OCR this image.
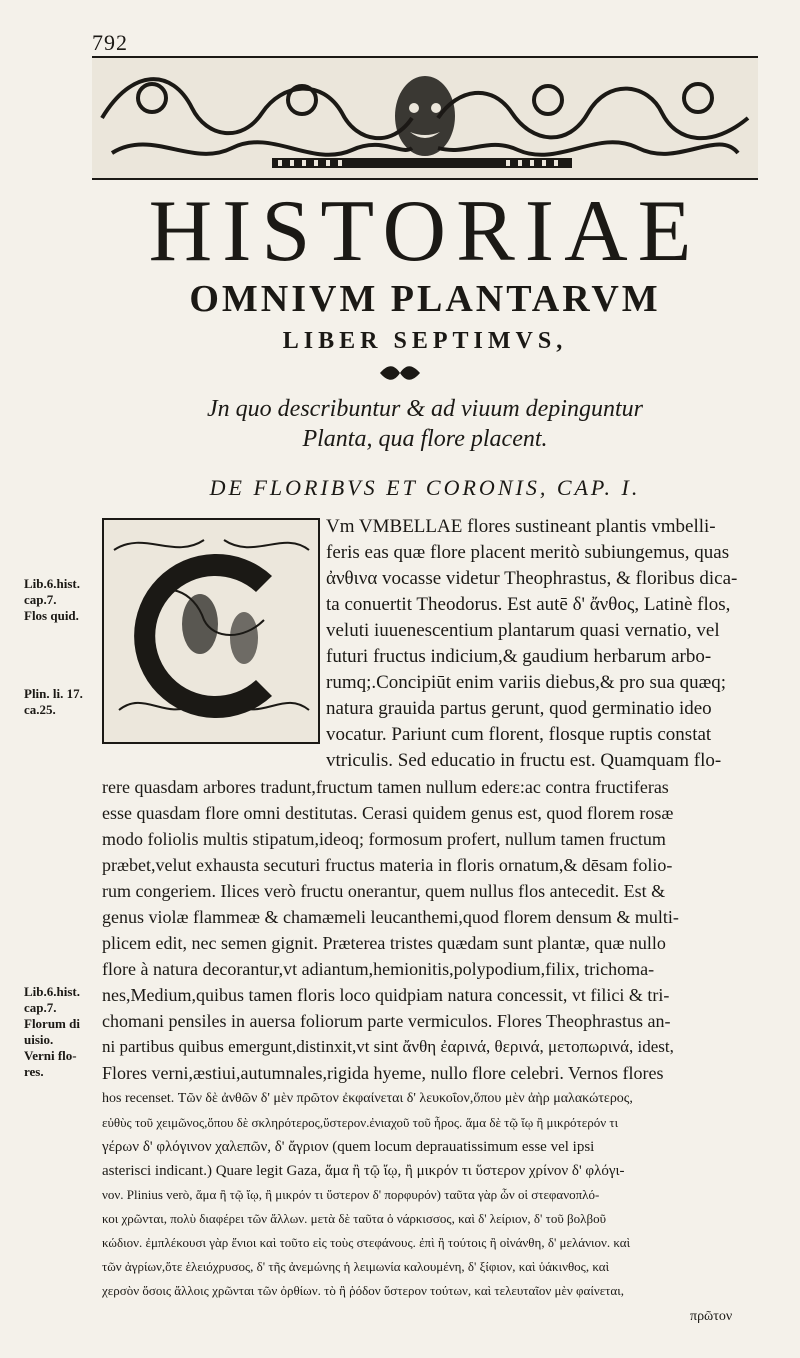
792
HISTORIAE
OMNIVM PLANTARVM
LIBER SEPTIMVS,
Jn quo describuntur & ad viuum depinguntur
Planta, qua flore placent.
DE FLORIBVS ET CORONIS, CAP. I.
Vm VMBELLAE flores sustineant plantis vmbelli-
feris eas quæ flore placent meritò subiungemus, quas
ἀνθινα vocasse videtur Theophrastus, & floribus dica-
ta conuertit Theodorus. Est autē δ' ἄνθος, Latinè flos,
veluti iuuenescentium plantarum quasi vernatio, vel
futuri fructus indicium,& gaudium herbarum arbo-
rumq;.Concipiūt enim variis diebus,& pro sua quæq;
natura grauida partus gerunt, quod germinatio ideo
vocatur. Pariunt cum florent, flosque ruptis constat
vtriculis. Sed educatio in fructu est. Quamquam flo-
rere quasdam arbores tradunt,fructum tamen nullum ederε:ac contra fructiferas
esse quasdam flore omni destitutas. Cerasi quidem genus est, quod florem rosæ
modo foliolis multis stipatum,ideoq; formosum profert, nullum tamen fructum
præbet,velut exhausta secuturi fructus materia in floris ornatum,& dēsam folio-
rum congeriem. Ilices verò fructu onerantur, quem nullus flos antecedit. Est &
genus violæ flammeæ & chamæmeli leucanthemi,quod florem densum & multi-
plicem edit, nec semen gignit. Præterea tristes quædam sunt plantæ, quæ nullo
flore à natura decorantur,vt adiantum,hemionitis,polypodium,filix, trichoma-
nes,Medium,quibus tamen floris loco quidpiam natura concessit, vt filici & tri-
chomani pensiles in auersa foliorum parte vermiculos. Flores Theophrastus an-
ni partibus quibus emergunt,distinxit,vt sint ἄνθη ἐαρινά, θερινά, μετοπωρινά, idest,
Flores verni,æstiui,autumnales,rigida hyeme, nullo flore celebri. Vernos flores
hos recenset. Τῶν δὲ ἀνθῶν δ' μὲν πρῶτον ἐκφαίνεται δ' λευκοΐον,ὅπου μὲν ἀὴρ μαλακώτερος,
εὐθὺς τοῦ χειμῶνος,ὅπου δὲ σκληρότερος,ὕστερον.ἐνιαχοῦ τοῦ ἦρος. ἅμα δὲ τῷ ἴῳ ἢ μικρότερόν τι
γέρων δ' φλόγινον χαλεπῶν, δ' ἄγριον (quem locum deprauatissimum esse vel ipsi
asterisci indicant.) Quare legit Gaza, ἅμα ἢ τῷ ἴῳ, ἢ μικρόν τι ὕστερον χρίνον δ' φλόγι-
νον. Plinius verò, ἅμα ἢ τῷ ἴῳ, ἢ μικρόν τι ὕστερον δ' πορφυρόν) ταῦτα γὰρ ὧν οἱ στεφανοπλό-
κοι χρῶνται, πολὺ διαφέρει τῶν ἄλλων. μετὰ δὲ ταῦτα ὁ νάρκισσος, καὶ δ' λείριον, δ' τοῦ βολβοῦ
κώδιον. ἐμπλέκουσι γὰρ ἔνιοι καὶ τοῦτο εἰς τοὺς στεφάνους. ἐπὶ ἢ τούτοις ἢ οἰνάνθη, δ' μελάνιον. καὶ
τῶν ἀγρίων,ὅτε ἑλειόχρυσος, δ' τῆς ἀνεμώνης ἡ λειμωνία καλουμένη, δ' ξίφιον, καὶ ὑάκινθος, καὶ
χερσὸν ὅσοις ἄλλοις χρῶνται τῶν ὀρθίων. τὸ ἢ ῥόδον ὕστερον τούτων, καὶ τελευταῖον μὲν φαίνεται,
πρῶτον
Lib.6.hist.
cap.7.
Flos quid.
Plin. li. 17.
ca.25.
Lib.6.hist.
cap.7.
Florum di
uisio.
Verni flo-
res.
